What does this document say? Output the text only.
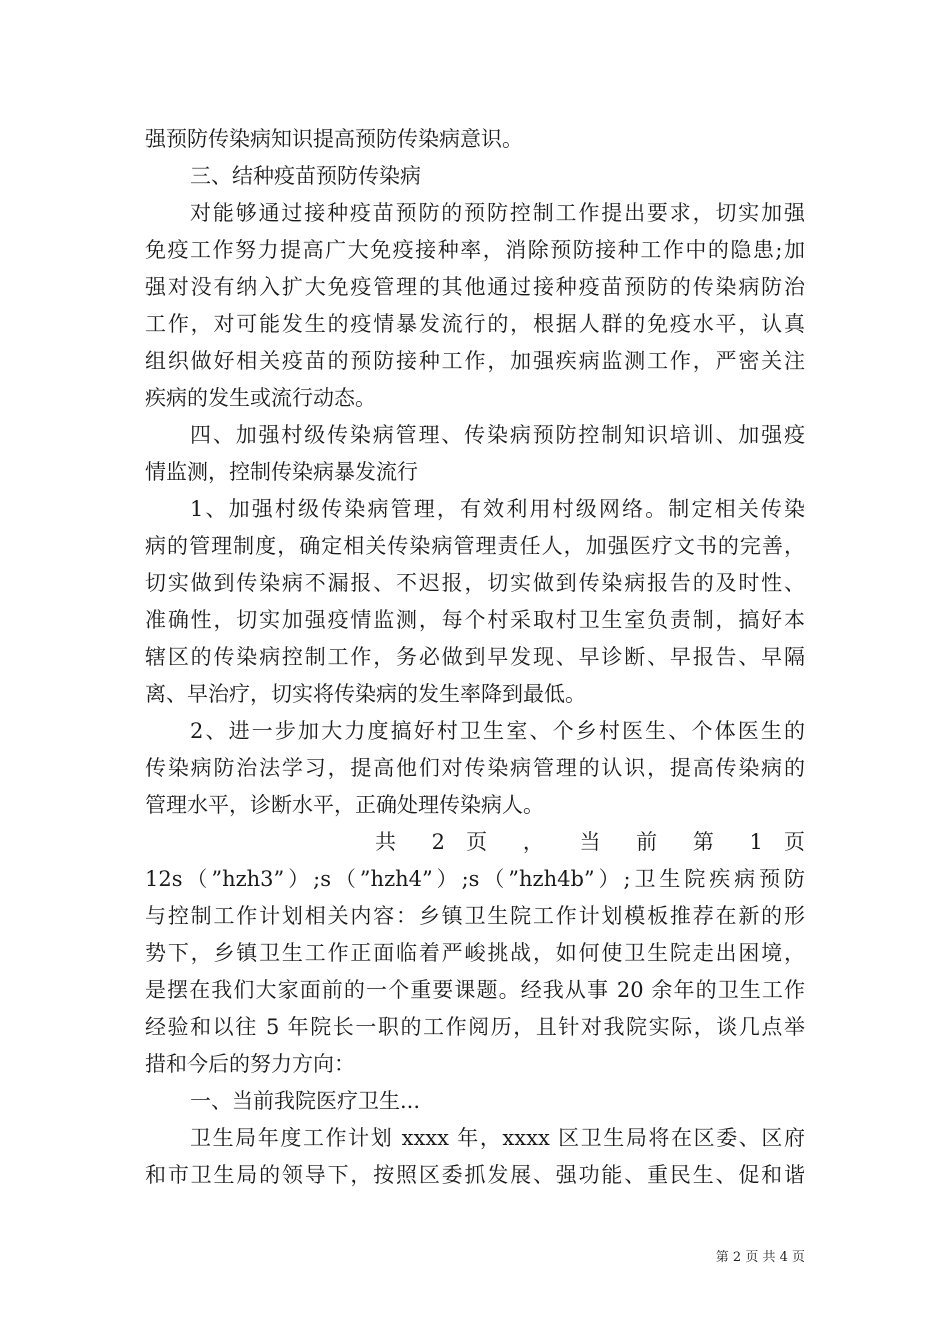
强预防传染病知识提高预防传染病意识。
三、结种疫苗预防传染病
对能够通过接种疫苗预防的预防控制工作提出要求，切实加强
免疫工作努力提高广大免疫接种率，消除预防接种工作中的隐患;加
强对没有纳入扩大免疫管理的其他通过接种疫苗预防的传染病防治
工作，对可能发生的疫情暴发流行的，根据人群的免疫水平，认真
组织做好相关疫苗的预防接种工作，加强疾病监测工作，严密关注
疾病的发生或流行动态。
四、加强村级传染病管理、传染病预防控制知识培训、加强疫
情监测，控制传染病暴发流行
1、加强村级传染病管理，有效利用村级网络。制定相关传染
病的管理制度，确定相关传染病管理责任人，加强医疗文书的完善，
切实做到传染病不漏报、不迟报，切实做到传染病报告的及时性、
准确性，切实加强疫情监测，每个村采取村卫生室负责制，搞好本
辖区的传染病控制工作，务必做到早发现、早诊断、早报告、早隔
离、早治疗，切实将传染病的发生率降到最低。
2、进一步加大力度搞好村卫生室、个乡村医生、个体医生的
传染病防治法学习，提高他们对传染病管理的认识，提高传染病的
管理水平，诊断水平，正确处理传染病人。
共 2 页 ， 当 前 第 1 页
12s（”hzh3”）;s（”hzh4”）;s（”hzh4b”）;卫生院疾病预防
与控制工作计划相关内容：乡镇卫生院工作计划模板推荐在新的形
势下，乡镇卫生工作正面临着严峻挑战，如何使卫生院走出困境，
是摆在我们大家面前的一个重要课题。经我从事 20 余年的卫生工作
经验和以往 5 年院长一职的工作阅历，且针对我院实际，谈几点举
措和今后的努力方向：
一、当前我院医疗卫生...
卫生局年度工作计划 xxxx 年，xxxx 区卫生局将在区委、区府
和市卫生局的领导下，按照区委抓发展、强功能、重民生、促和谐
第 2 页 共 4 页
